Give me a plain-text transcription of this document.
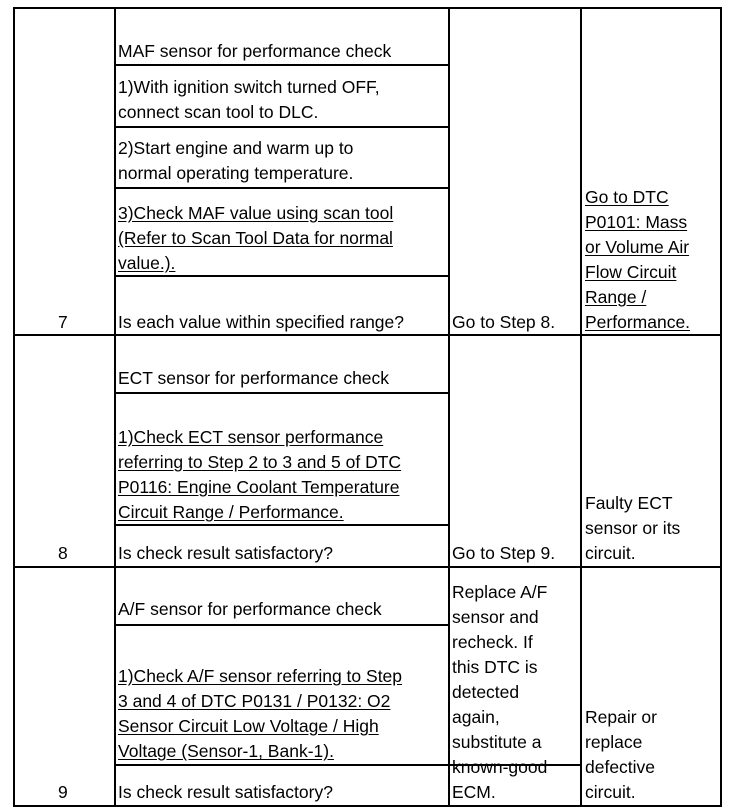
7
MAF sensor for performance check
1)With ignition switch turned OFF,
connect scan tool to DLC.
2)Start engine and warm up to
normal operating temperature.
3)Check MAF value using scan tool
(Refer to Scan Tool Data for normal
value.).
Is each value within specified range?	Go to Step 8.
Go to DTC
P0101: Mass
or Volume Air
Flow Circuit
Range /
Performance.
8
ECT sensor for performance check
1)Check ECT sensor performance
referring to Step 2 to 3 and 5 of DTC
P0116: Engine Coolant Temperature
Circuit Range / Performance.
Is check result satisfactory?	Go to Step 9.
Faulty ECT
sensor or its
circuit.
9
A/F sensor for performance check
1)Check A/F sensor referring to Step
3 and 4 of DTC P0131 / P0132: O2
Sensor Circuit Low Voltage / High
Voltage (Sensor-1, Bank-1).
Is check result satisfactory?
Replace A/F
sensor and
recheck. If
this DTC is
detected
again,
substitute a
known-good
ECM.
Repair or
replace
defective
circuit.
